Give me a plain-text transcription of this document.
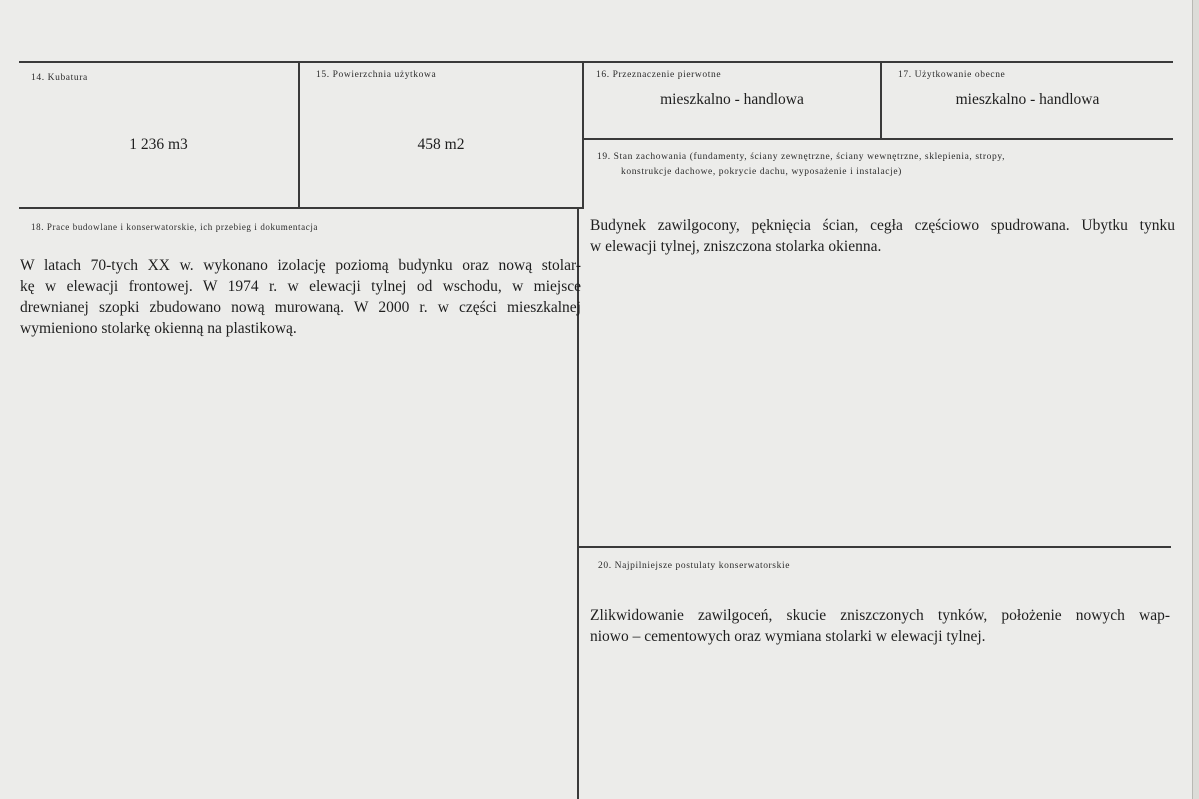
14. Kubatura
1 236 m3
15. Powierzchnia użytkowa
458 m2
16. Przeznaczenie pierwotne
mieszkalno - handlowa
17. Użytkowanie obecne
mieszkalno - handlowa
19. Stan zachowania (fundamenty, ściany zewnętrzne, ściany wewnętrzne, sklepienia, stropy,
konstrukcje dachowe, pokrycie dachu, wyposażenie i instalacje)
Budynek zawilgocony, pęknięcia ścian, cegła częściowo spudrowana. Ubytku tynku
w elewacji tylnej, zniszczona stolarka okienna.
18. Prace budowlane i konserwatorskie, ich przebieg i dokumentacja
W latach 70-tych XX w. wykonano izolację poziomą budynku oraz nową stolar-
kę w elewacji frontowej. W 1974 r. w elewacji tylnej od wschodu, w miejsce
drewnianej szopki zbudowano nową murowaną. W 2000 r. w części mieszkalnej
wymieniono stolarkę okienną na plastikową.
20. Najpilniejsze postulaty konserwatorskie
Zlikwidowanie zawilgoceń, skucie zniszczonych tynków, położenie nowych wap-
niowo – cementowych oraz wymiana stolarki w elewacji tylnej.
